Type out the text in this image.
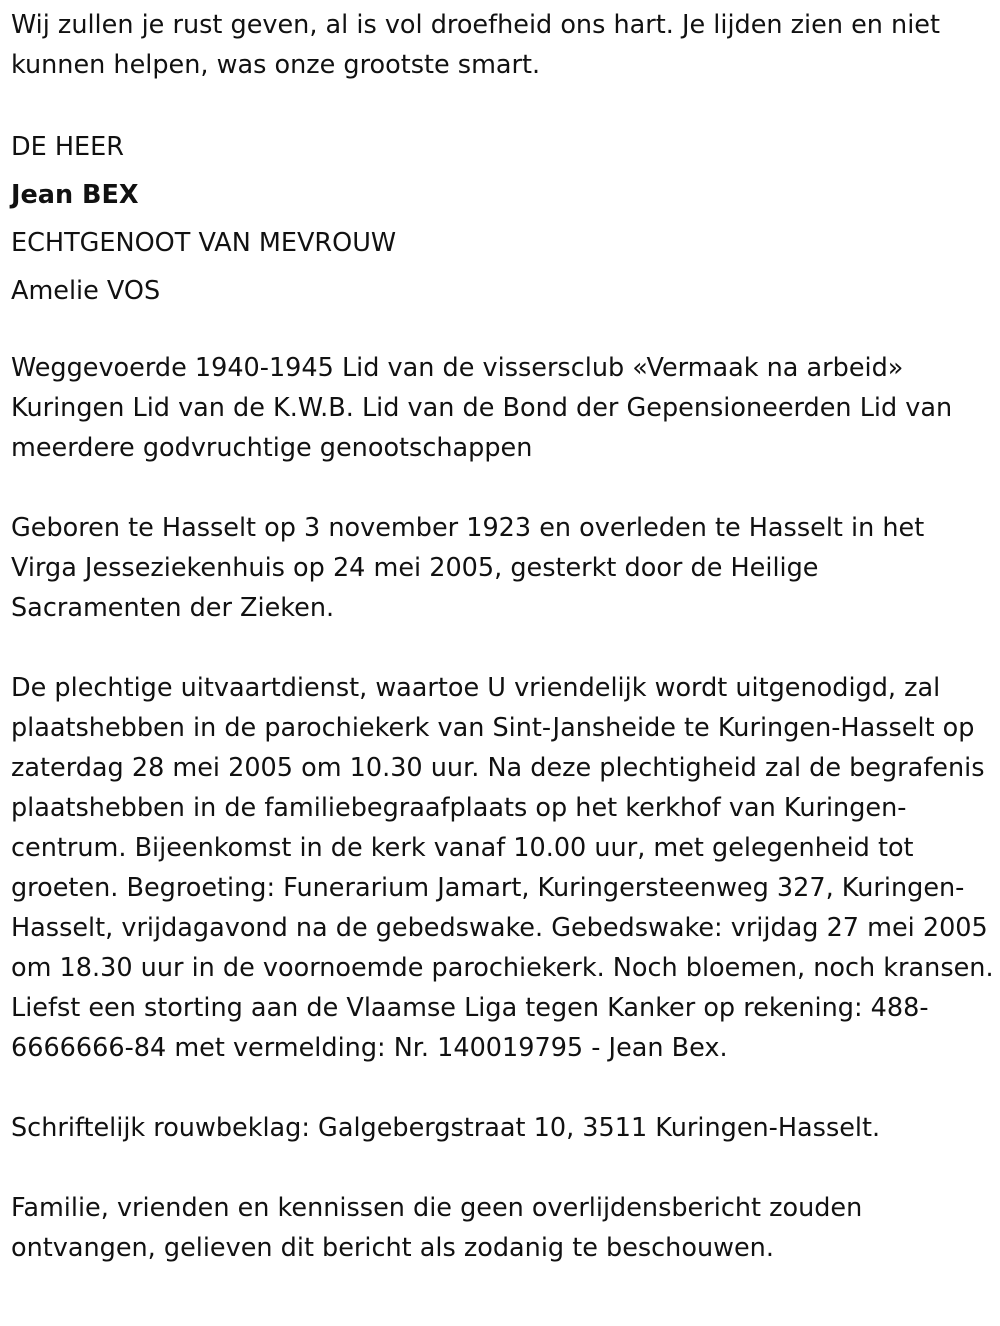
Wij zullen je rust geven, al is vol droefheid ons hart. Je lijden zien en niet kunnen helpen, was onze grootste smart.

DE HEER

Jean BEX

ECHTGENOOT VAN MEVROUW

Amelie VOS

Weggevoerde 1940-1945 Lid van de vissersclub «Vermaak na arbeid» Kuringen Lid van de K.W.B. Lid van de Bond der Gepensioneerden Lid van meerdere godvruchtige genootschappen

Geboren te Hasselt op 3 november 1923 en overleden te Hasselt in het Virga Jesseziekenhuis op 24 mei 2005, gesterkt door de Heilige Sacramenten der Zieken.

De plechtige uitvaartdienst, waartoe U vriendelijk wordt uitgenodigd, zal plaatshebben in de parochiekerk van Sint-Jansheide te Kuringen-Hasselt op zaterdag 28 mei 2005 om 10.30 uur. Na deze plechtigheid zal de begrafenis plaatshebben in de familiebegraafplaats op het kerkhof van Kuringen-centrum. Bijeenkomst in de kerk vanaf 10.00 uur, met gelegenheid tot groeten. Begroeting: Funerarium Jamart, Kuringersteenweg 327, Kuringen-Hasselt, vrijdagavond na de gebedswake. Gebedswake: vrijdag 27 mei 2005 om 18.30 uur in de voornoemde parochiekerk. Noch bloemen, noch kransen. Liefst een storting aan de Vlaamse Liga tegen Kanker op rekening: 488-6666666-84 met vermelding: Nr. 140019795 - Jean Bex.

Schriftelijk rouwbeklag: Galgebergstraat 10, 3511 Kuringen-Hasselt.

Familie, vrienden en kennissen die geen overlijdensbericht zouden ontvangen, gelieven dit bericht als zodanig te beschouwen.
